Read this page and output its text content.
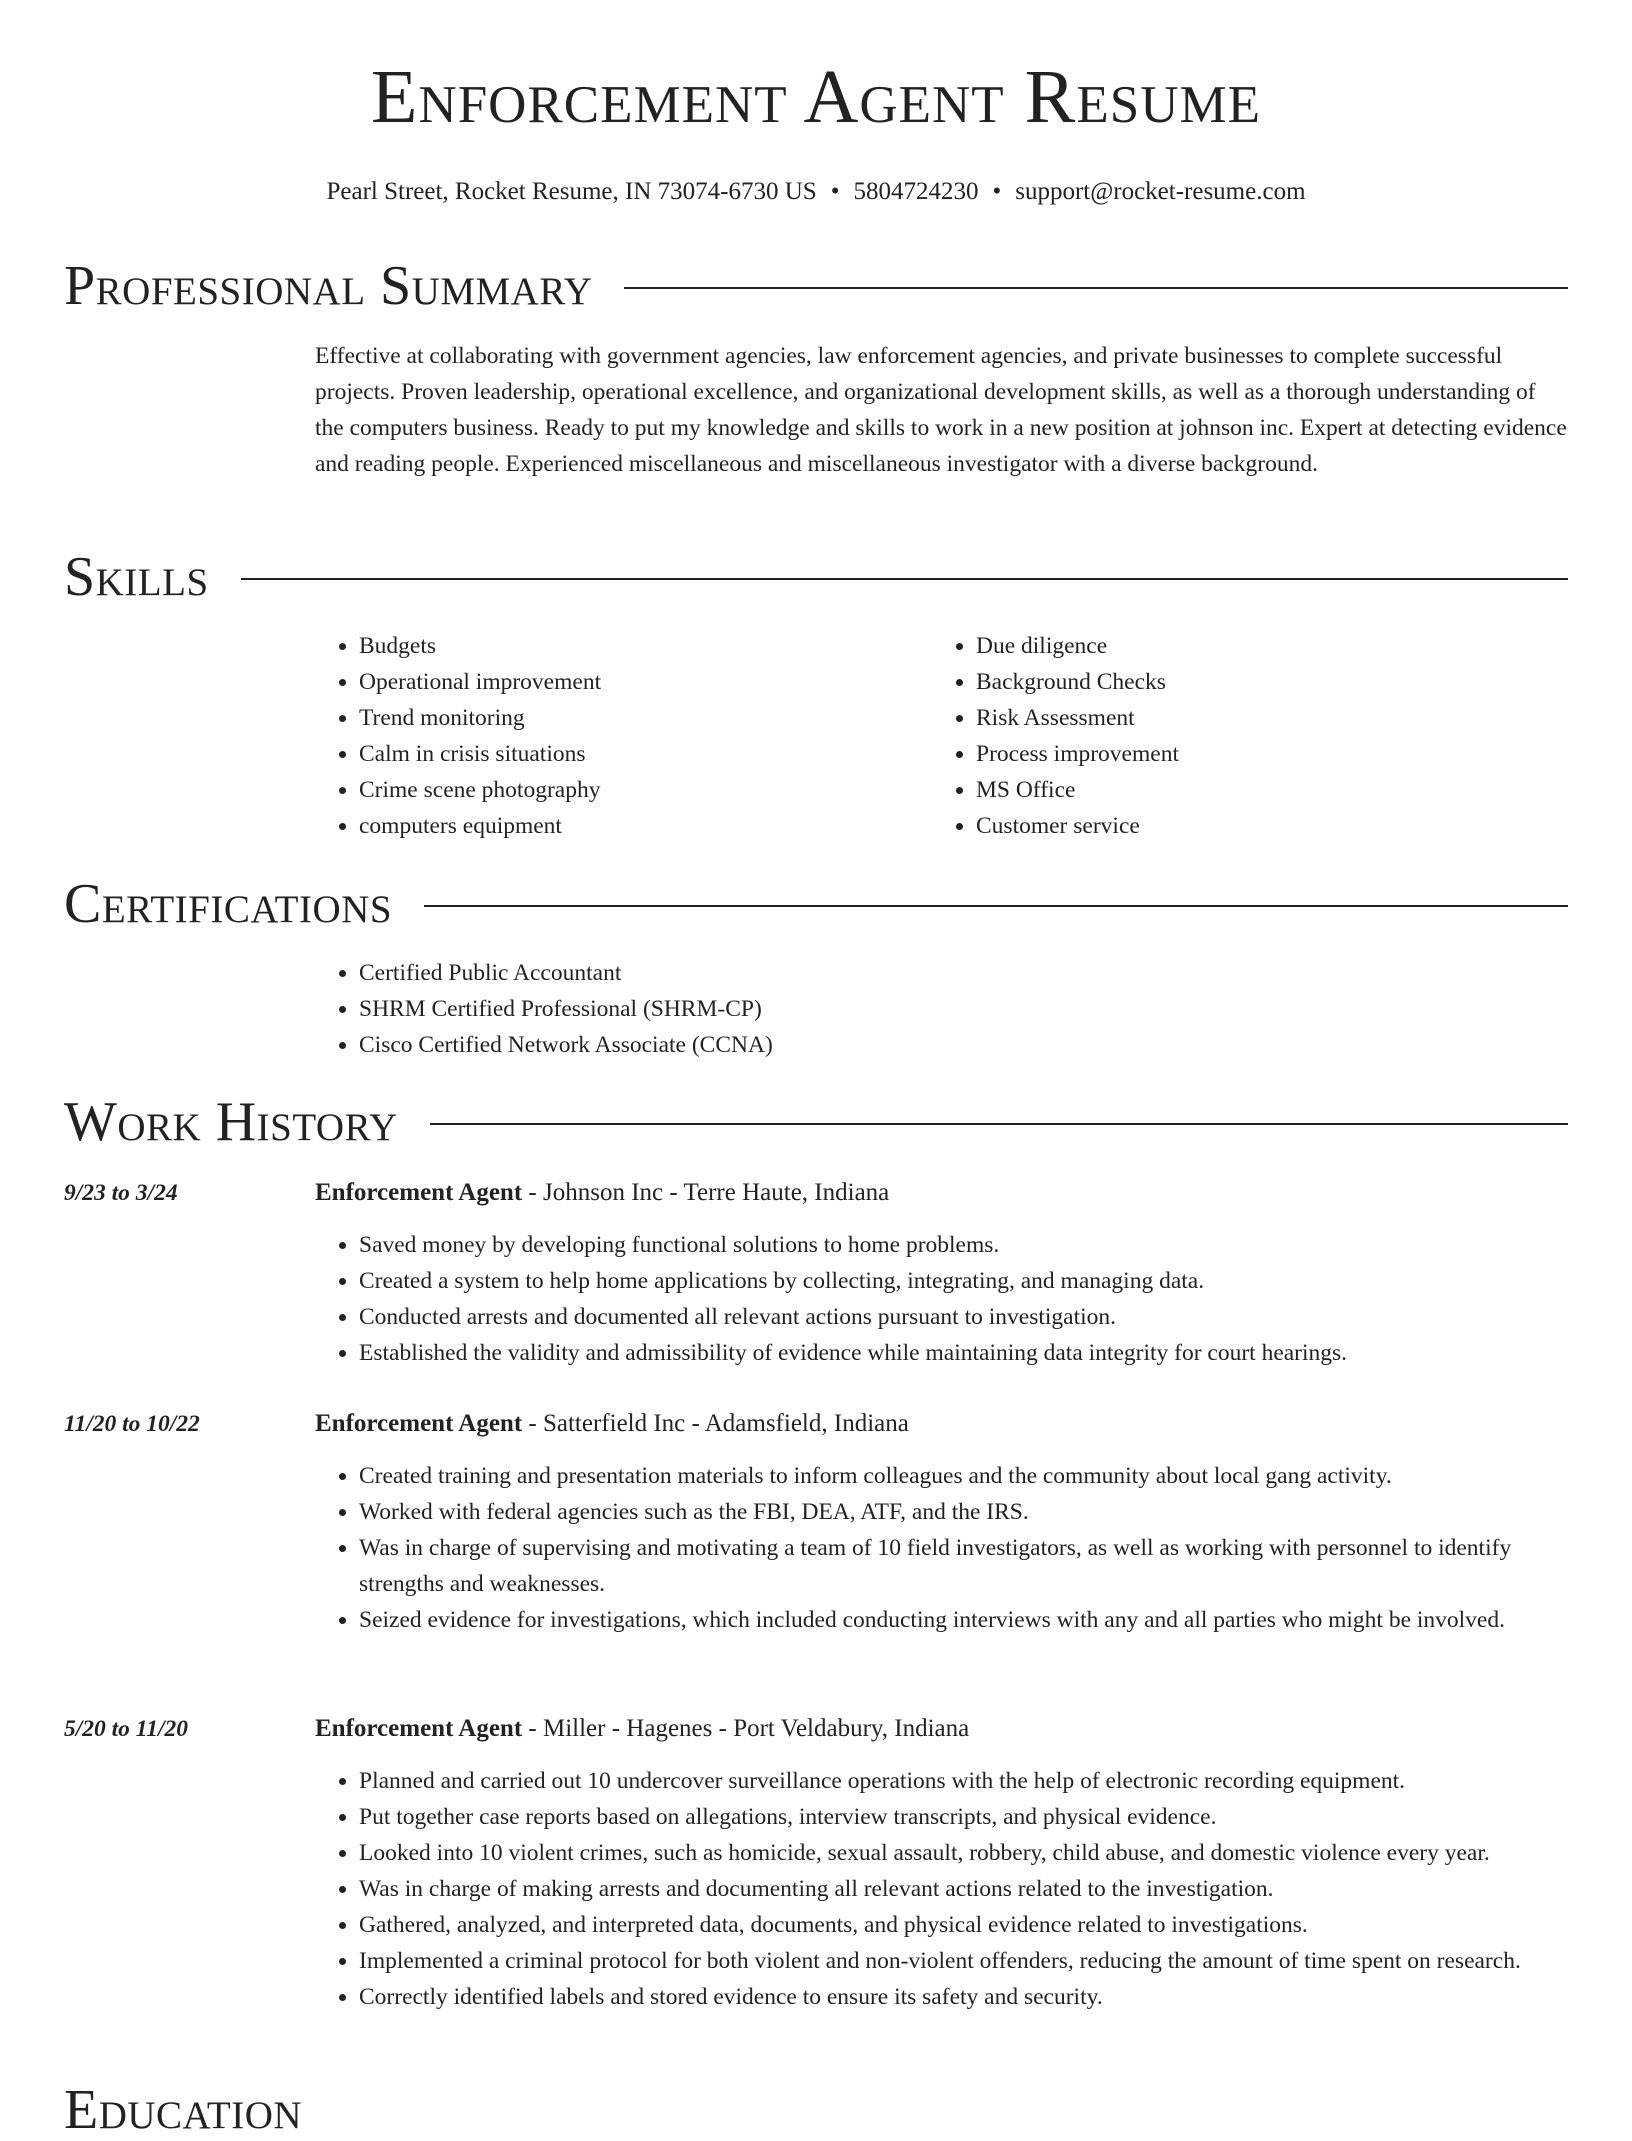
Enforcement Agent Resume
Pearl Street, Rocket Resume, IN 73074-6730 US • 5804724230 • support@rocket-resume.com
Professional Summary
Effective at collaborating with government agencies, law enforcement agencies, and private businesses to complete successful projects. Proven leadership, operational excellence, and organizational development skills, as well as a thorough understanding of the computers business. Ready to put my knowledge and skills to work in a new position at johnson inc. Expert at detecting evidence and reading people. Experienced miscellaneous and miscellaneous investigator with a diverse background.
Skills
• Budgets
• Operational improvement
• Trend monitoring
• Calm in crisis situations
• Crime scene photography
• computers equipment
• Due diligence
• Background Checks
• Risk Assessment
• Process improvement
• MS Office
• Customer service
Certifications
• Certified Public Accountant
• SHRM Certified Professional (SHRM-CP)
• Cisco Certified Network Associate (CCNA)
Work History
9/23 to 3/24	Enforcement Agent - Johnson Inc - Terre Haute, Indiana
• Saved money by developing functional solutions to home problems.
• Created a system to help home applications by collecting, integrating, and managing data.
• Conducted arrests and documented all relevant actions pursuant to investigation.
• Established the validity and admissibility of evidence while maintaining data integrity for court hearings.
11/20 to 10/22	Enforcement Agent - Satterfield Inc - Adamsfield, Indiana
• Created training and presentation materials to inform colleagues and the community about local gang activity.
• Worked with federal agencies such as the FBI, DEA, ATF, and the IRS.
• Was in charge of supervising and motivating a team of 10 field investigators, as well as working with personnel to identify strengths and weaknesses.
• Seized evidence for investigations, which included conducting interviews with any and all parties who might be involved.
5/20 to 11/20	Enforcement Agent - Miller - Hagenes - Port Veldabury, Indiana
• Planned and carried out 10 undercover surveillance operations with the help of electronic recording equipment.
• Put together case reports based on allegations, interview transcripts, and physical evidence.
• Looked into 10 violent crimes, such as homicide, sexual assault, robbery, child abuse, and domestic violence every year.
• Was in charge of making arrests and documenting all relevant actions related to the investigation.
• Gathered, analyzed, and interpreted data, documents, and physical evidence related to investigations.
• Implemented a criminal protocol for both violent and non-violent offenders, reducing the amount of time spent on research.
• Correctly identified labels and stored evidence to ensure its safety and security.
Education
